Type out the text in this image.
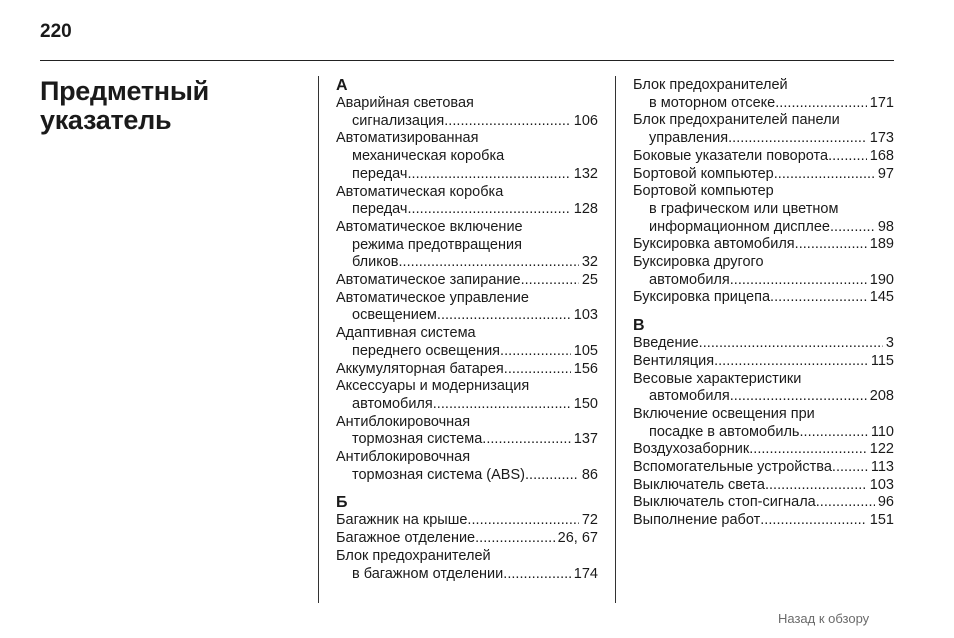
220
Предметный
указатель
А
Аварийная световая
сигнализация . . .	106
Автоматизированная
механическая коробка
передач . . .	132
Автоматическая коробка
передач . . .	128
Автоматическое включение
режима предотвращения
бликов . . .	32
Автоматическое запирание . . .	25
Автоматическое управление
освещением . . .	103
Адаптивная система
переднего освещения . . .	105
Аккумуляторная батарея . . .	156
Аксессуары и модернизация
автомобиля . . .	150
Антиблокировочная
тормозная система . . .	137
Антиблокировочная
тормозная система (ABS) . . .	86
Б
Багажник на крыше . . .	72
Багажное отделение . . .	26, 67
Блок предохранителей
в багажном отделении . . .	174
Блок предохранителей
в моторном отсеке . . .	171
Блок предохранителей панели
управления . . .	173
Боковые указатели поворота . . .	168
Бортовой компьютер . . .	97
Бортовой компьютер
в графическом или цветном
информационном дисплее . . .	98
Буксировка автомобиля . . .	189
Буксировка другого
автомобиля . . .	190
Буксировка прицепа . . .	145
В
Введение . . .	3
Вентиляция . . .	115
Весовые характеристики
автомобиля . . .	208
Включение освещения при
посадке в автомобиль . . .	110
Воздухозаборник . . .	122
Вспомогательные устройства . . .	113
Выключатель света . . .	103
Выключатель стоп-сигнала . . .	96
Выполнение работ . . .	151
Назад к обзору
